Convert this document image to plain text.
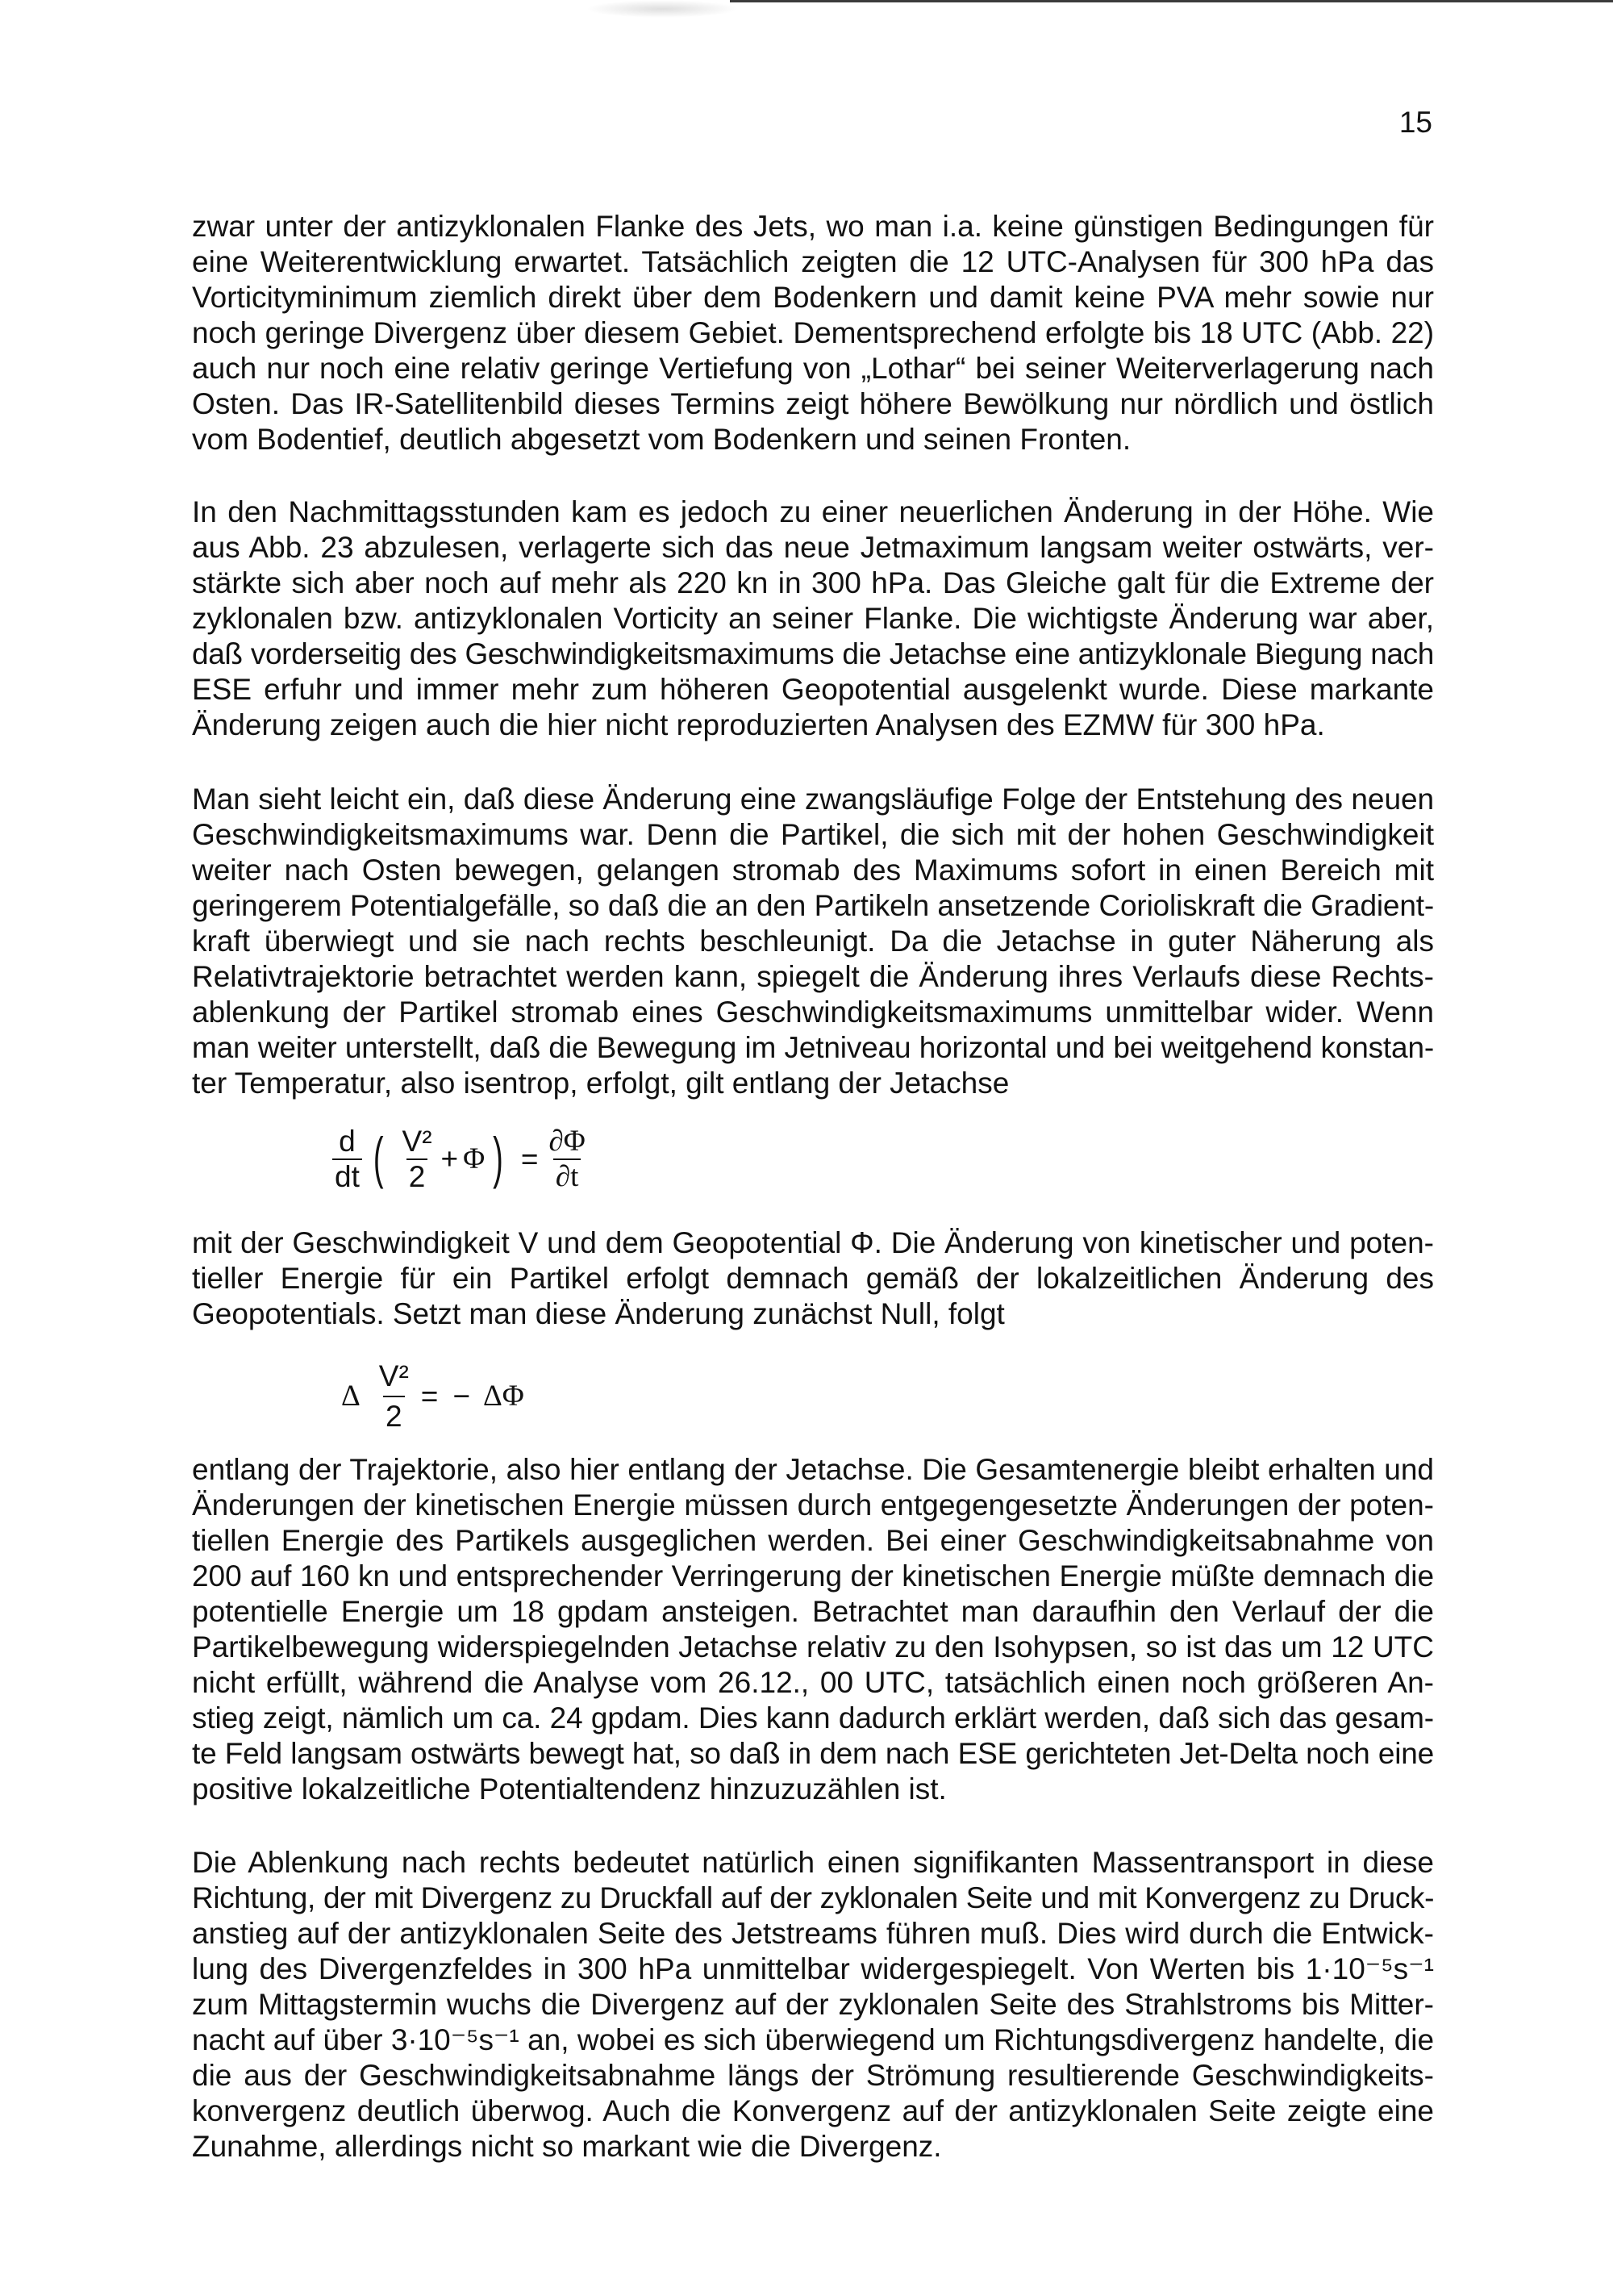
15
zwar unter der antizyklonalen Flanke des Jets, wo man i.a. keine günstigen Bedingungen für
eine Weiterentwicklung erwartet. Tatsächlich zeigten die 12 UTC-Analysen für 300 hPa das
Vorticityminimum ziemlich direkt über dem Bodenkern und damit keine PVA mehr sowie nur
noch geringe Divergenz über diesem Gebiet. Dementsprechend erfolgte bis 18 UTC (Abb. 22)
auch nur noch eine relativ geringe Vertiefung von „Lothar“ bei seiner Weiterverlagerung nach
Osten. Das IR-Satellitenbild dieses Termins zeigt höhere Bewölkung nur nördlich und östlich
vom Bodentief, deutlich abgesetzt vom Bodenkern und seinen Fronten.
In den Nachmittagsstunden kam es jedoch zu einer neuerlichen Änderung in der Höhe. Wie
aus Abb. 23 abzulesen, verlagerte sich das neue Jetmaximum langsam weiter ostwärts, ver-
stärkte sich aber noch auf mehr als 220 kn in 300 hPa. Das Gleiche galt für die Extreme der
zyklonalen bzw. antizyklonalen Vorticity an seiner Flanke. Die wichtigste Änderung war aber,
daß vorderseitig des Geschwindigkeitsmaximums die Jetachse eine antizyklonale Biegung nach
ESE erfuhr und immer mehr zum höheren Geopotential ausgelenkt wurde. Diese markante
Änderung zeigen auch die hier nicht reproduzierten Analysen des EZMW für 300 hPa.
Man sieht leicht ein, daß diese Änderung eine zwangsläufige Folge der Entstehung des neuen
Geschwindigkeitsmaximums war. Denn die Partikel, die sich mit der hohen Geschwindigkeit
weiter nach Osten bewegen, gelangen stromab des Maximums sofort in einen Bereich mit
geringerem Potentialgefälle, so daß die an den Partikeln ansetzende Corioliskraft die Gradient-
kraft überwiegt und sie nach rechts beschleunigt. Da die Jetachse in guter Näherung als
Relativtrajektorie betrachtet werden kann, spiegelt die Änderung ihres Verlaufs diese Rechts-
ablenkung der Partikel stromab eines Geschwindigkeitsmaximums unmittelbar wider. Wenn
man weiter unterstellt, daß die Bewegung im Jetniveau horizontal und bei weitgehend konstan-
ter Temperatur, also isentrop, erfolgt, gilt entlang der Jetachse
$\frac{d}{dt}$ ( $\frac{\text{V²}}{2} + \Phi$ ) = $\frac{\partial\Phi}{\partial t}$
mit der Geschwindigkeit V und dem Geopotential Φ. Die Änderung von kinetischer und poten-
tieller Energie für ein Partikel erfolgt demnach gemäß der lokalzeitlichen Änderung des
Geopotentials. Setzt man diese Änderung zunächst Null, folgt
Δ $\frac{\text{V²}}{2}$ = − ΔΦ
entlang der Trajektorie, also hier entlang der Jetachse. Die Gesamtenergie bleibt erhalten und
Änderungen der kinetischen Energie müssen durch entgegengesetzte Änderungen der poten-
tiellen Energie des Partikels ausgeglichen werden. Bei einer Geschwindigkeitsabnahme von
200 auf 160 kn und entsprechender Verringerung der kinetischen Energie müßte demnach die
potentielle Energie um 18 gpdam ansteigen. Betrachtet man daraufhin den Verlauf der die
Partikelbewegung widerspiegelnden Jetachse relativ zu den Isohypsen, so ist das um 12 UTC
nicht erfüllt, während die Analyse vom 26.12., 00 UTC, tatsächlich einen noch größeren An-
stieg zeigt, nämlich um ca. 24 gpdam. Dies kann dadurch erklärt werden, daß sich das gesam-
te Feld langsam ostwärts bewegt hat, so daß in dem nach ESE gerichteten Jet-Delta noch eine
positive lokalzeitliche Potentialtendenz hinzuzuzählen ist.
Die Ablenkung nach rechts bedeutet natürlich einen signifikanten Massentransport in diese
Richtung, der mit Divergenz zu Druckfall auf der zyklonalen Seite und mit Konvergenz zu Druck-
anstieg auf der antizyklonalen Seite des Jetstreams führen muß. Dies wird durch die Entwick-
lung des Divergenzfeldes in 300 hPa unmittelbar widergespiegelt. Von Werten bis 1·10⁻⁵s⁻¹
zum Mittagstermin wuchs die Divergenz auf der zyklonalen Seite des Strahlstroms bis Mitter-
nacht auf über 3·10⁻⁵s⁻¹ an, wobei es sich überwiegend um Richtungsdivergenz handelte, die
die aus der Geschwindigkeitsabnahme längs der Strömung resultierende Geschwindigkeits-
konvergenz deutlich überwog. Auch die Konvergenz auf der antizyklonalen Seite zeigte eine
Zunahme, allerdings nicht so markant wie die Divergenz.
